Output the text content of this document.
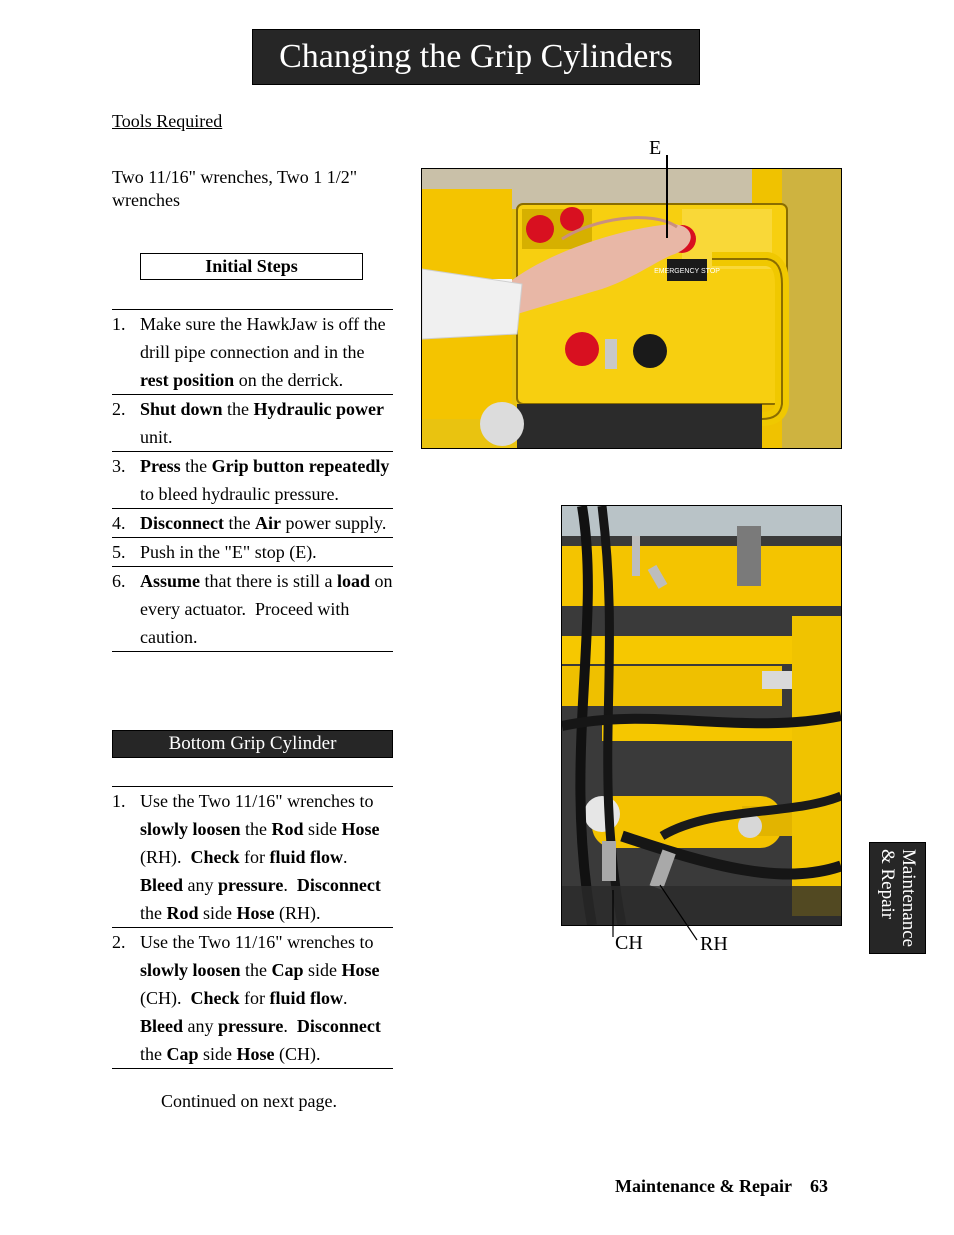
Changing the Grip Cylinders
Tools Required
Two 11/16" wrenches, Two 1 1/2" wrenches
Initial Steps
1. Make sure the HawkJaw is off the drill pipe connection and in the rest position on the derrick.
2. Shut down the Hydraulic power unit.
3. Press the Grip button repeatedly to bleed hydraulic pressure.
4. Disconnect the Air power supply.
5. Push in the "E" stop (E).
6. Assume that there is still a load on every actuator.  Proceed with caution.
Bottom Grip Cylinder
1. Use the Two 11/16" wrenches to slowly loosen the Rod side Hose (RH).  Check for fluid flow.  Bleed any pressure.  Disconnect the Rod side Hose (RH).
2. Use the Two 11/16" wrenches to slowly loosen the Cap side Hose (CH).  Check for fluid flow.  Bleed any pressure.  Disconnect the Cap side Hose (CH).
Continued on next page.
EMERGENCY STOP
E
CH	RH	Maintenance
& Repair
Maintenance & Repair 63
